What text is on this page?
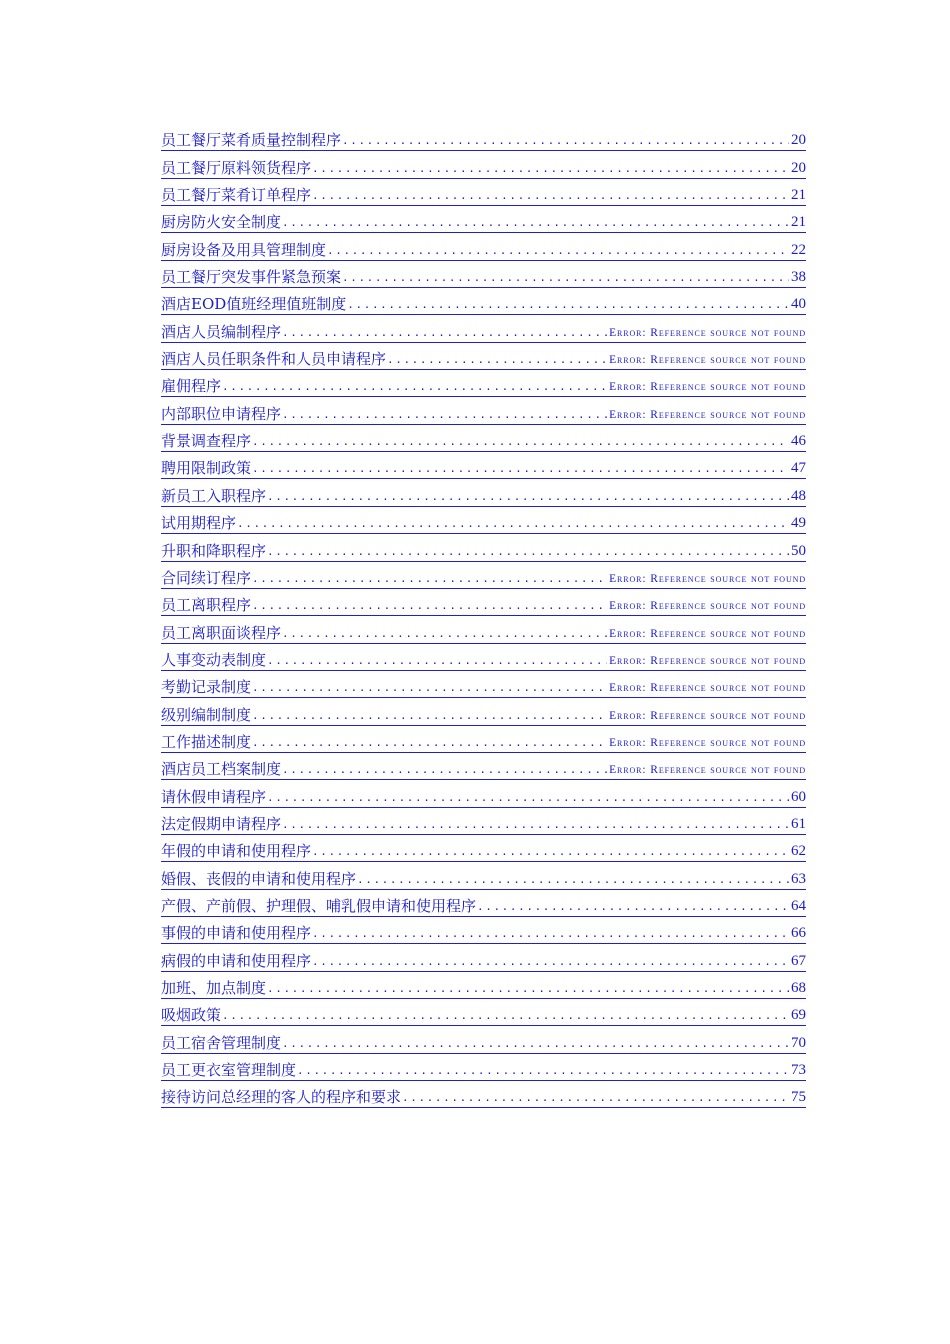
员工餐厅菜肴质量控制程序 .....	20
员工餐厅原料领货程序 .....	20
员工餐厅菜肴订单程序 .....	21
厨房防火安全制度 .....	21
厨房设备及用具管理制度 .....	22
员工餐厅突发事件紧急预案 .....	38
酒店EOD值班经理值班制度 .....	40
酒店人员编制程序 .....	Error: Reference source not found
酒店人员任职条件和人员申请程序 .....	Error: Reference source not found
雇佣程序 .....	Error: Reference source not found
内部职位申请程序 .....	Error: Reference source not found
背景调查程序 .....	46
聘用限制政策 .....	47
新员工入职程序 .....	48
试用期程序 .....	49
升职和降职程序 .....	50
合同续订程序 .....	Error: Reference source not found
员工离职程序 .....	Error: Reference source not found
员工离职面谈程序 .....	Error: Reference source not found
人事变动表制度 .....	Error: Reference source not found
考勤记录制度 .....	Error: Reference source not found
级别编制制度 .....	Error: Reference source not found
工作描述制度 .....	Error: Reference source not found
酒店员工档案制度 .....	Error: Reference source not found
请休假申请程序 .....	60
法定假期申请程序 .....	61
年假的申请和使用程序 .....	62
婚假、丧假的申请和使用程序 .....	63
产假、产前假、护理假、哺乳假申请和使用程序 .....	64
事假的申请和使用程序 .....	66
病假的申请和使用程序 .....	67
加班、加点制度 .....	68
吸烟政策 .....	69
员工宿舍管理制度 .....	70
员工更衣室管理制度 .....	73
接待访问总经理的客人的程序和要求 .....	75
